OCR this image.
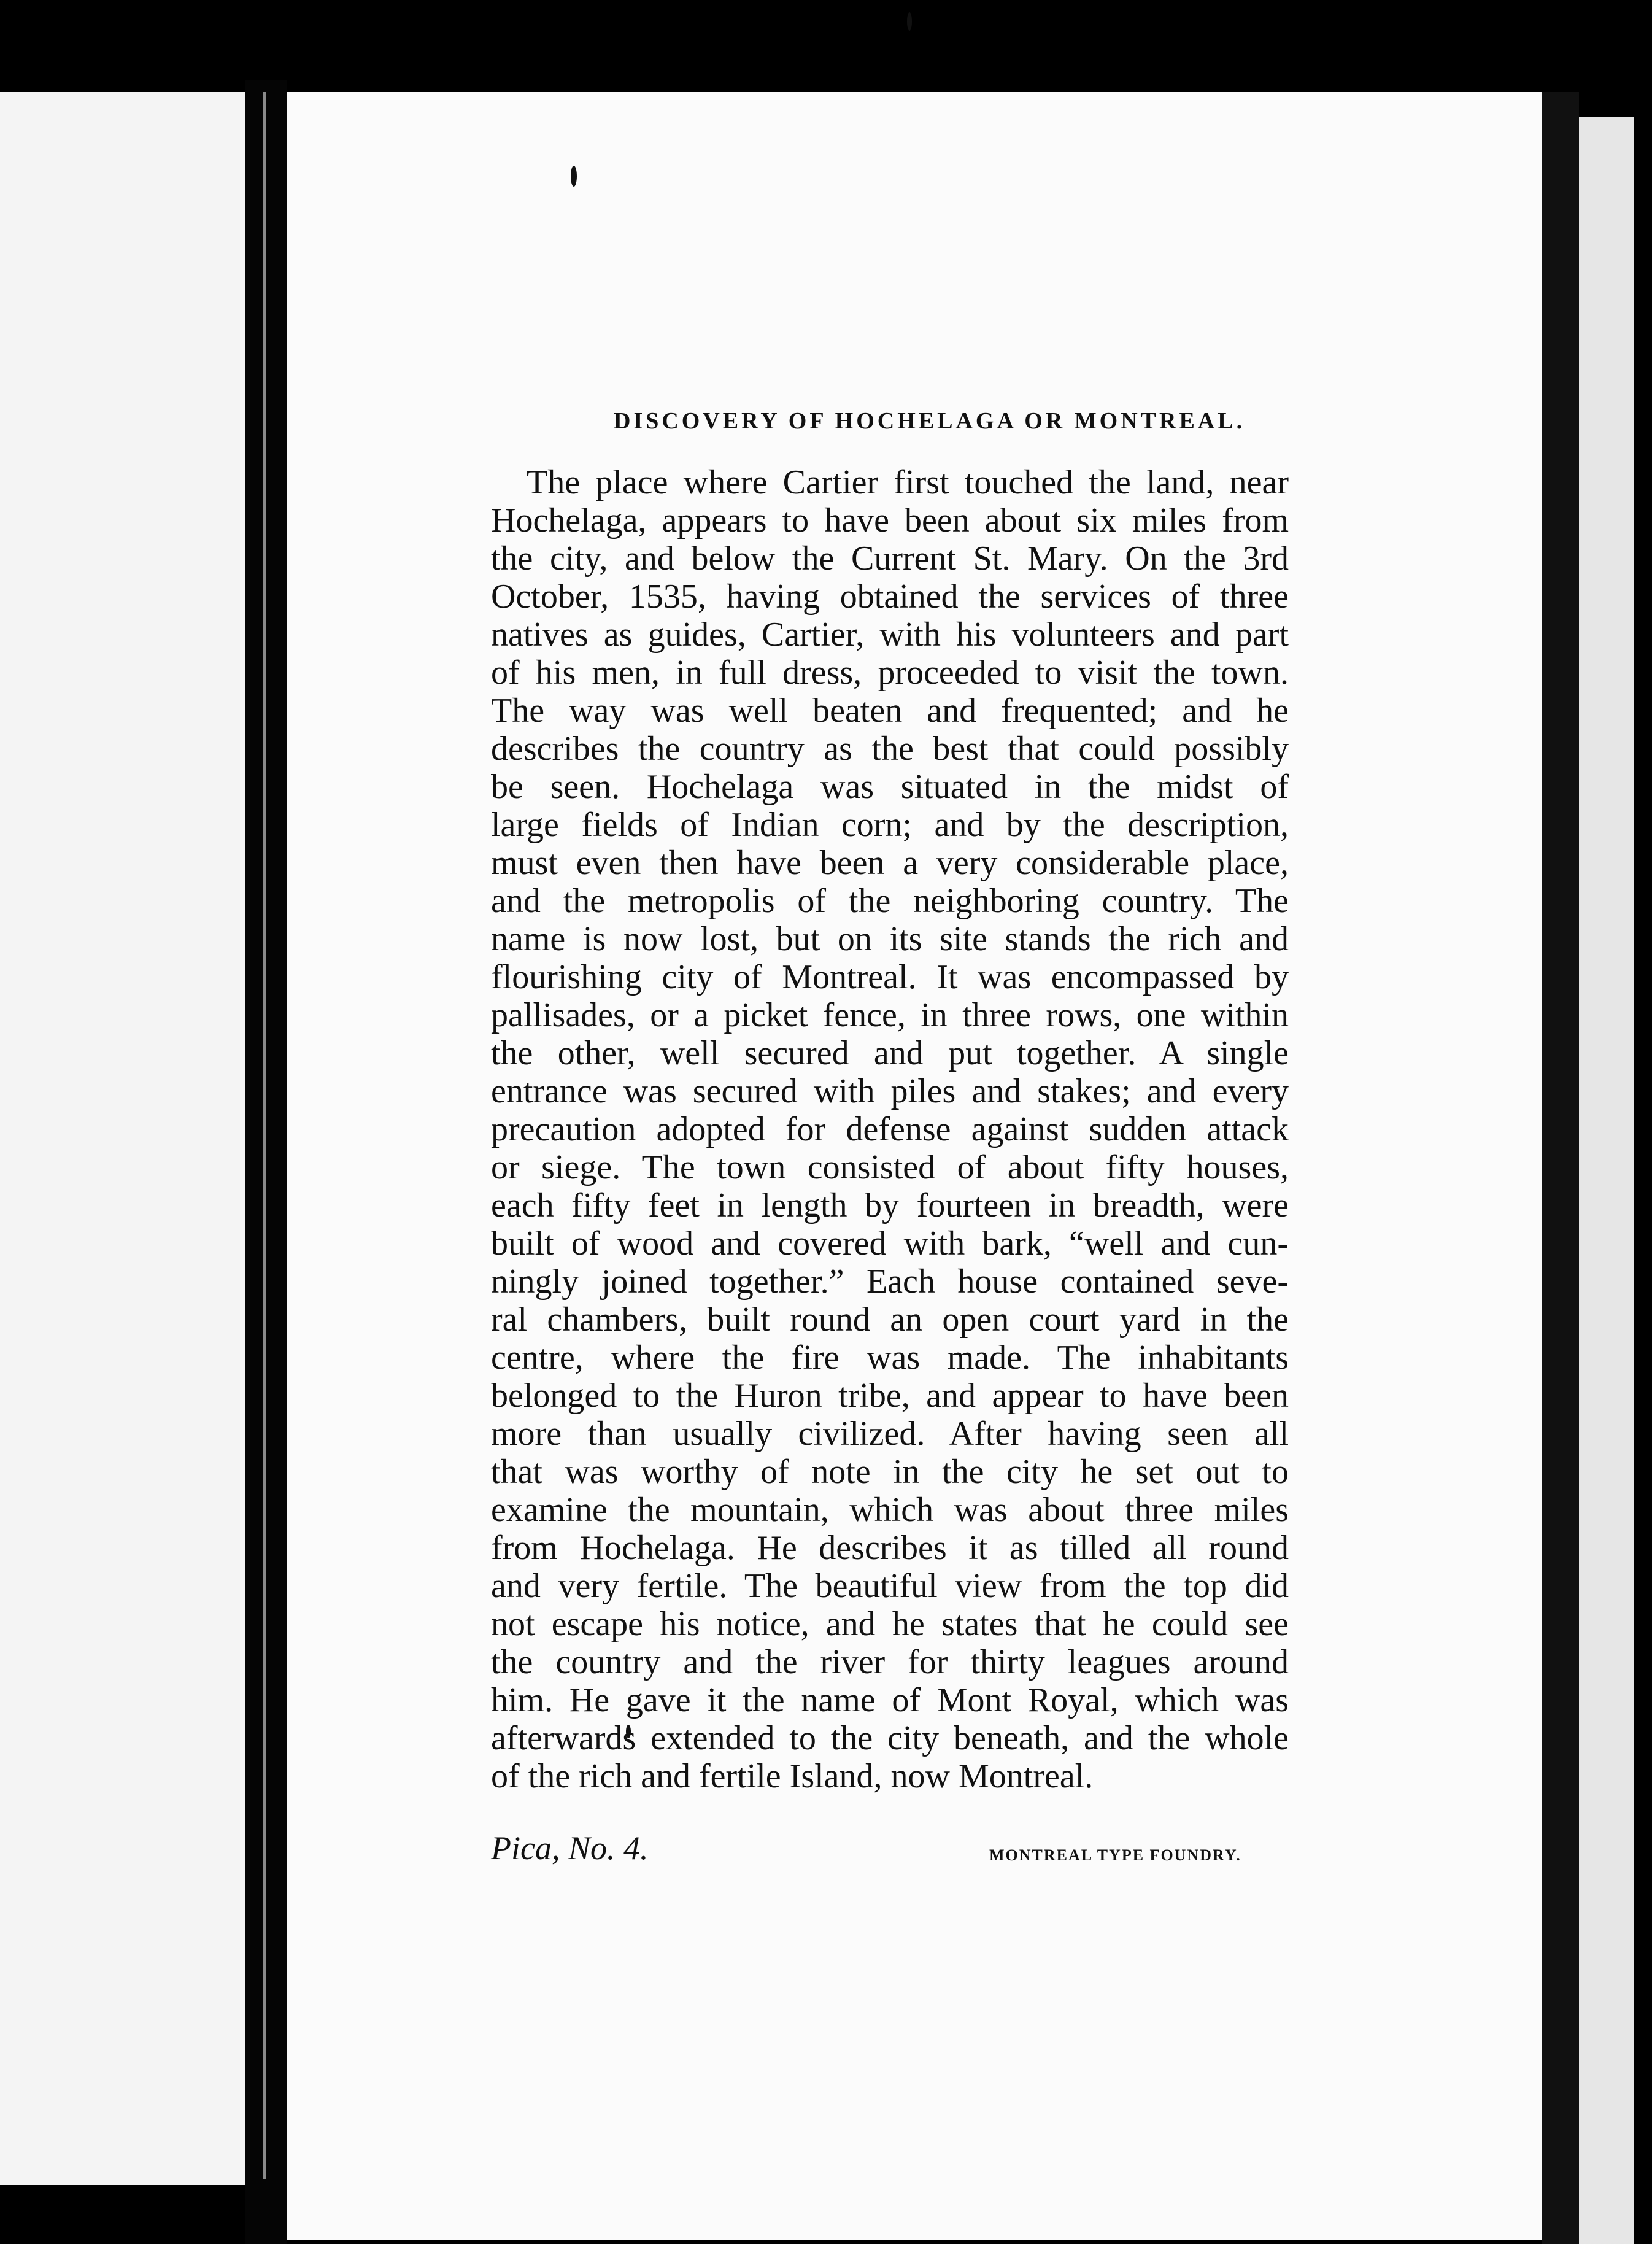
DISCOVERY OF HOCHELAGA OR MONTREAL.
The place where Cartier first touched the land, near
Hochelaga, appears to have been about six miles from
the city, and below the Current St. Mary. On the 3rd
October, 1535, having obtained the services of three
natives as guides, Cartier, with his volunteers and part
of his men, in full dress, proceeded to visit the town.
The way was well beaten and frequented; and he
describes the country as the best that could possibly
be seen. Hochelaga was situated in the midst of
large fields of Indian corn; and by the description,
must even then have been a very considerable place,
and the metropolis of the neighboring country. The
name is now lost, but on its site stands the rich and
flourishing city of Montreal. It was encompassed by
pallisades, or a picket fence, in three rows, one within
the other, well secured and put together. A single
entrance was secured with piles and stakes; and every
precaution adopted for defense against sudden attack
or siege. The town consisted of about fifty houses,
each fifty feet in length by fourteen in breadth, were
built of wood and covered with bark, “well and cun-
ningly joined together.” Each house contained seve-
ral chambers, built round an open court yard in the
centre, where the fire was made. The inhabitants
belonged to the Huron tribe, and appear to have been
more than usually civilized. After having seen all
that was worthy of note in the city he set out to
examine the mountain, which was about three miles
from Hochelaga. He describes it as tilled all round
and very fertile. The beautiful view from the top did
not escape his notice, and he states that he could see
the country and the river for thirty leagues around
him. He gave it the name of Mont Royal, which was
afterwards extended to the city beneath, and the whole
of the rich and fertile Island, now Montreal.
Pica, No. 4.	MONTREAL TYPE FOUNDRY.
